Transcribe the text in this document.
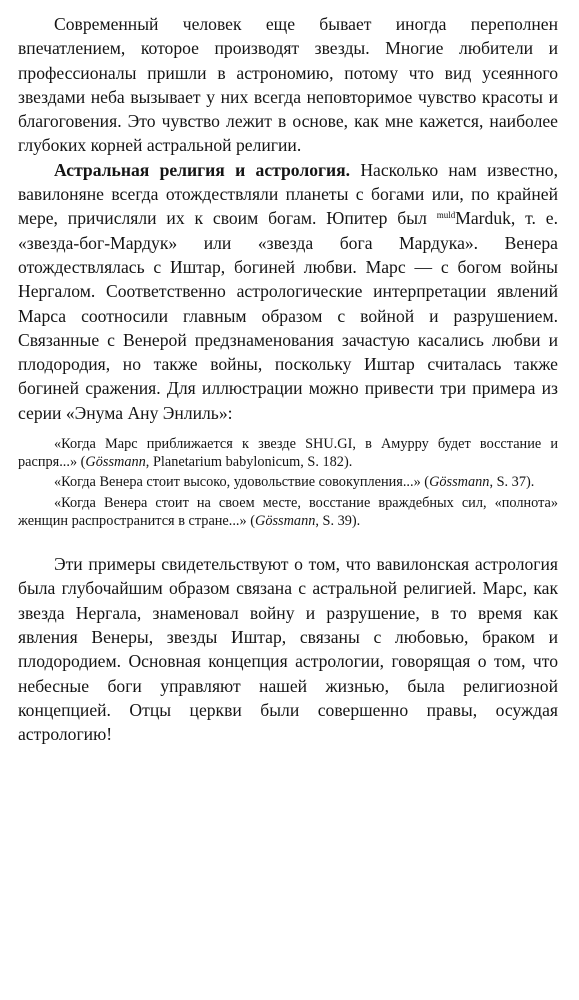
Современный человек еще бывает иногда переполнен впечатлением, которое производят звезды. Многие любители и профессионалы пришли в астрономию, потому что вид усеянного звездами неба вызывает у них всегда неповторимое чувство красоты и благоговения. Это чувство лежит в основе, как мне кажется, наиболее глубоких корней астральной религии.

Астральная религия и астрология. Насколько нам известно, вавилоняне всегда отождествляли планеты с богами или, по крайней мере, причисляли их к своим богам. Юпитер был $^{muld}$Marduk, т. е. «звезда-бог-Мардук» или «звезда бога Мардука». Венера отождествлялась с Иштар, богиней любви. Марс — с богом войны Нергалом. Соответственно астрологические интерпретации явлений Марса соотносили главным образом с войной и разрушением. Связанные с Венерой предзнаменования зачастую касались любви и плодородия, но также войны, поскольку Иштар считалась также богиней сражения. Для иллюстрации можно привести три примера из серии «Энума Ану Энлиль»:

«Когда Марс приближается к звезде SHU.GI, в Амурру будет восстание и распря...» (Gössmann, Planetarium babylonicum, S. 182).

«Когда Венера стоит высоко, удовольствие совокупления...» (Gössmann, S. 37).

«Когда Венера стоит на своем месте, восстание враждебных сил, «полнота» женщин распространится в стране...» (Gössmann, S. 39).

Эти примеры свидетельствуют о том, что вавилонская астрология была глубочайшим образом связана с астральной религией. Марс, как звезда Нергала, знаменовал войну и разрушение, в то время как явления Венеры, звезды Иштар, связаны с любовью, браком и плодородием. Основная концепция астрологии, говорящая о том, что небесные боги управляют нашей жизнью, была религиозной концепцией. Отцы церкви были совершенно правы, осуждая астрологию!
